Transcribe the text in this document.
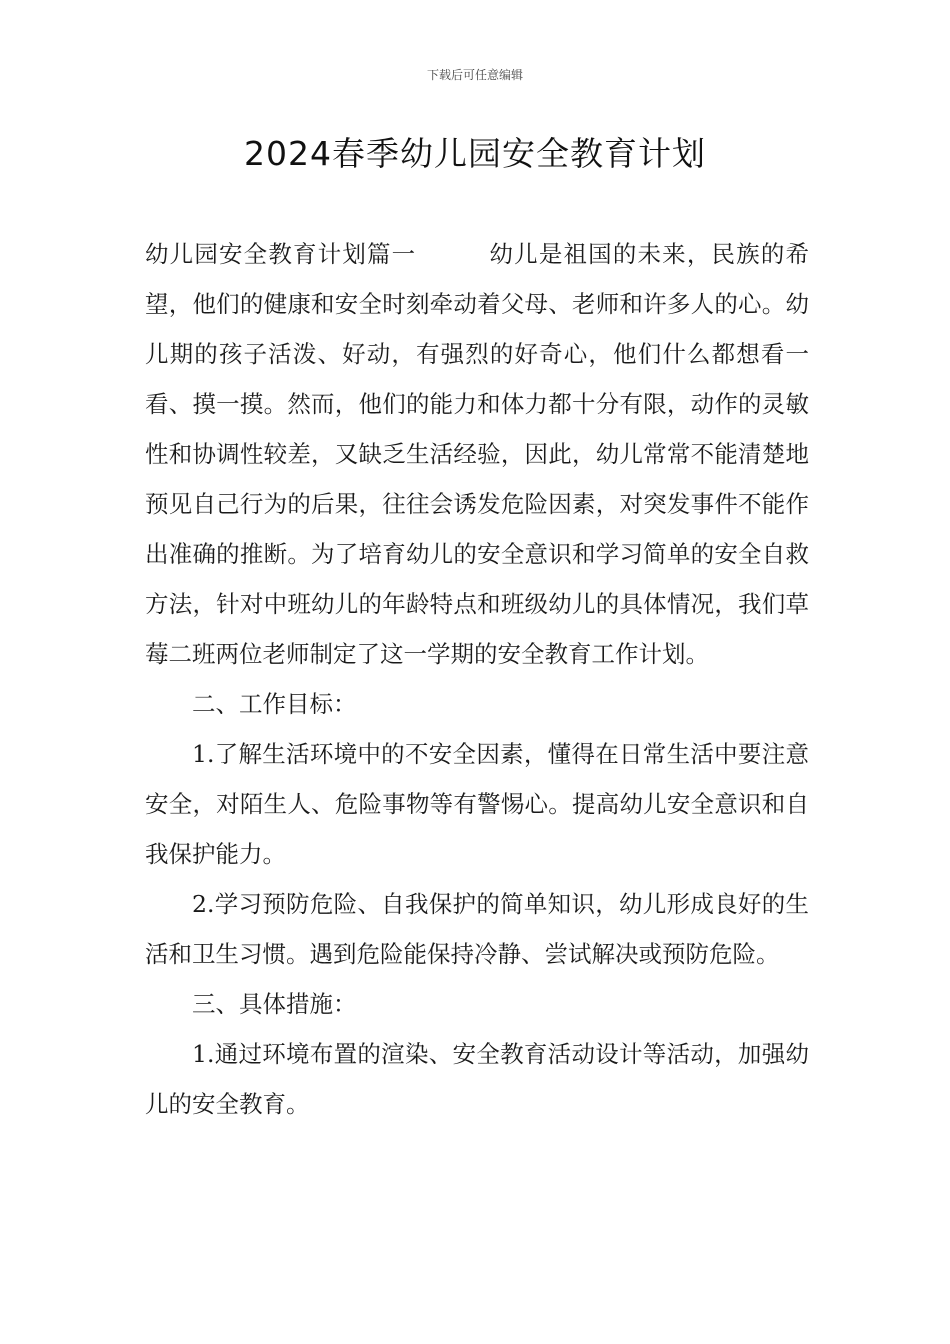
下载后可任意编辑
2024春季幼儿园安全教育计划

幼儿园安全教育计划篇一	幼儿是祖国的未来，民族的希望，他们的健康和安全时刻牵动着父母、老师和许多人的心。幼儿期的孩子活泼、好动，有强烈的好奇心，他们什么都想看一看、摸一摸。然而，他们的能力和体力都十分有限，动作的灵敏性和协调性较差，又缺乏生活经验，因此，幼儿常常不能清楚地预见自己行为的后果，往往会诱发危险因素，对突发事件不能作出准确的推断。为了培育幼儿的安全意识和学习简单的安全自救方法，针对中班幼儿的年龄特点和班级幼儿的具体情况，我们草莓二班两位老师制定了这一学期的安全教育工作计划。

二、工作目标：

1.了解生活环境中的不安全因素，懂得在日常生活中要注意安全，对陌生人、危险事物等有警惕心。提高幼儿安全意识和自我保护能力。

2.学习预防危险、自我保护的简单知识，幼儿形成良好的生活和卫生习惯。遇到危险能保持冷静、尝试解决或预防危险。

三、具体措施：

1.通过环境布置的渲染、安全教育活动设计等活动，加强幼儿的安全教育。
